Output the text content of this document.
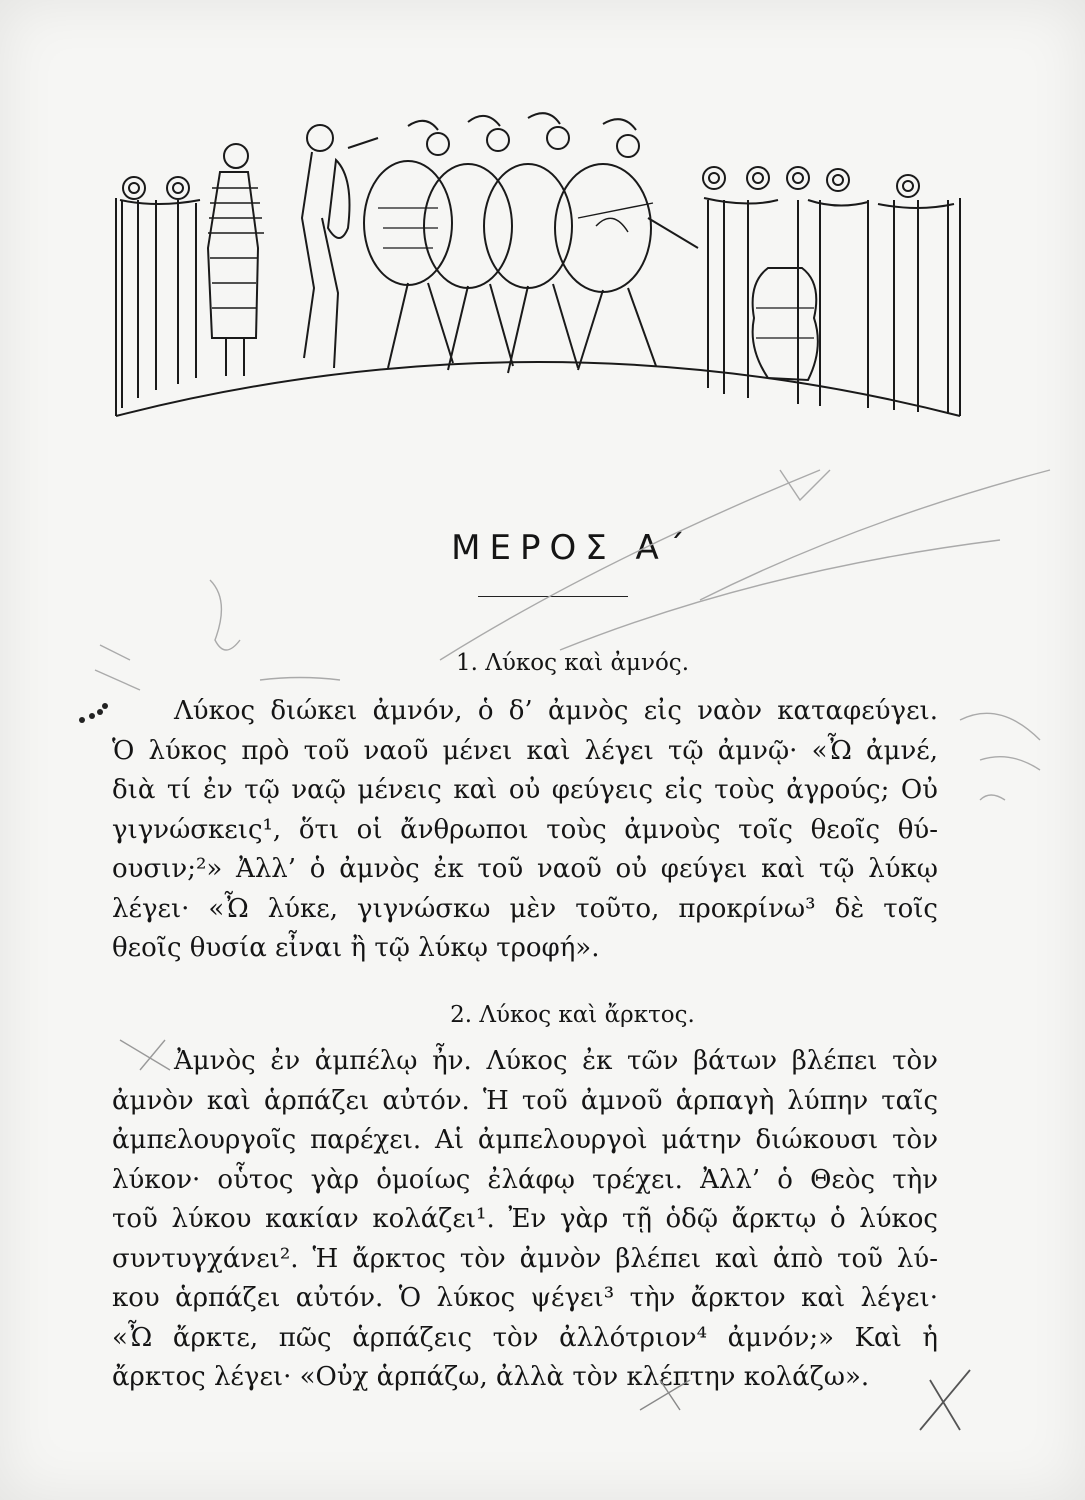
ΜΕΡΟΣ Α΄
1. Λύκος καὶ ἀμνός.
Λύκος διώκει ἀμνόν, ὁ δ’ ἀμνὸς εἰς ναὸν καταφεύγει.
Ὁ λύκος πρὸ τοῦ ναοῦ μένει καὶ λέγει τῷ ἀμνῷ· «Ὦ ἀμνέ,
διὰ τί ἐν τῷ ναῷ μένεις καὶ οὐ φεύγεις εἰς τοὺς ἀγρούς; Οὐ
γιγνώσκεις¹, ὅτι οἱ ἄνθρωποι τοὺς ἀμνοὺς τοῖς θεοῖς θύ-
ουσιν;²» Ἀλλ’ ὁ ἀμνὸς ἐκ τοῦ ναοῦ οὐ φεύγει καὶ τῷ λύκῳ
λέγει· «Ὦ λύκε, γιγνώσκω μὲν τοῦτο, προκρίνω³ δὲ τοῖς
θεοῖς θυσία εἶναι ἢ τῷ λύκῳ τροφή».
2. Λύκος καὶ ἄρκτος.
Ἀμνὸς ἐν ἀμπέλῳ ἦν. Λύκος ἐκ τῶν βάτων βλέπει τὸν
ἀμνὸν καὶ ἁρπάζει αὐτόν. Ἡ τοῦ ἀμνοῦ ἁρπαγὴ λύπην ταῖς
ἀμπελουργοῖς παρέχει. Αἱ ἀμπελουργοὶ μάτην διώκουσι τὸν
λύκον· οὗτος γὰρ ὁμοίως ἐλάφῳ τρέχει. Ἀλλ’ ὁ Θεὸς τὴν
τοῦ λύκου κακίαν κολάζει¹. Ἐν γὰρ τῇ ὁδῷ ἄρκτῳ ὁ λύκος
συντυγχάνει². Ἡ ἄρκτος τὸν ἀμνὸν βλέπει καὶ ἀπὸ τοῦ λύ-
κου ἁρπάζει αὐτόν. Ὁ λύκος ψέγει³ τὴν ἄρκτον καὶ λέγει·
«Ὦ ἄρκτε, πῶς ἁρπάζεις τὸν ἀλλότριον⁴ ἀμνόν;» Καὶ ἡ
ἄρκτος λέγει· «Οὐχ ἁρπάζω, ἀλλὰ τὸν κλέπτην κολάζω».
